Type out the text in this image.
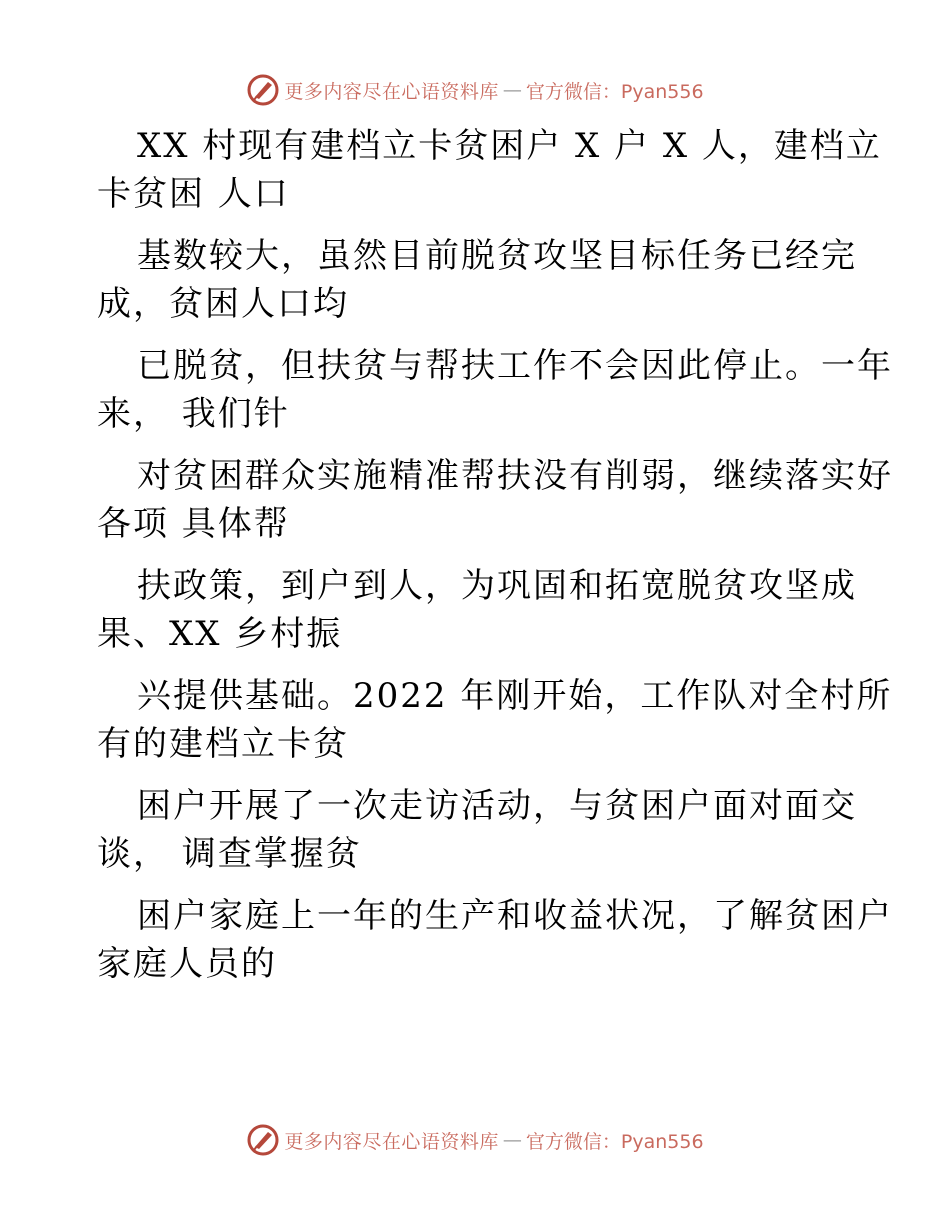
更多内容尽在心语资料库 — 官方微信：Pyan556
XX 村现有建档立卡贫困户 X 户 X 人，建档立
卡贫困 人口
基数较大，虽然目前脱贫攻坚目标任务已经完
成，贫困人口均
已脱贫，但扶贫与帮扶工作不会因此停止。一年
来， 我们针
对贫困群众实施精准帮扶没有削弱，继续落实好
各项 具体帮
扶政策，到户到人，为巩固和拓宽脱贫攻坚成
果、XX 乡村振
兴提供基础。2022 年刚开始，工作队对全村所
有的建档立卡贫
困户开展了一次走访活动，与贫困户面对面交
谈， 调查掌握贫
困户家庭上一年的生产和收益状况，了解贫困户
家庭人员的
更多内容尽在心语资料库 — 官方微信：Pyan556
